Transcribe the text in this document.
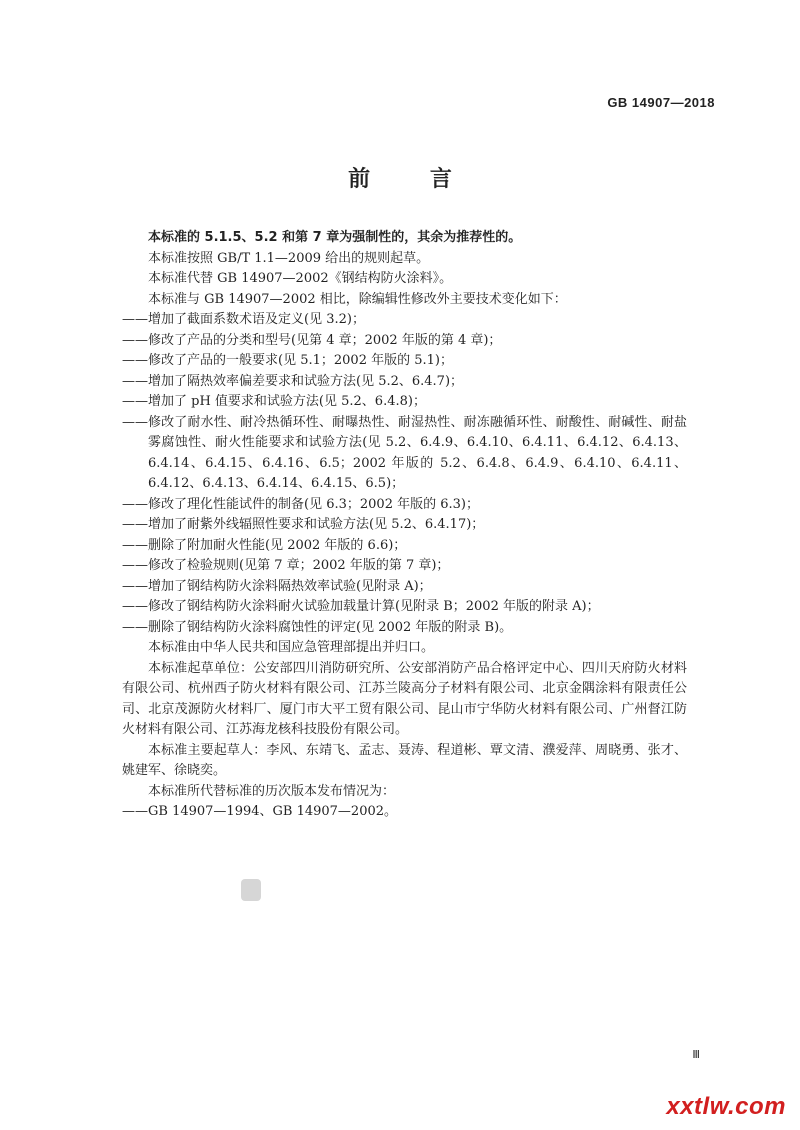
GB 14907—2018
前 言

本标准的 5.1.5、5.2 和第 7 章为强制性的，其余为推荐性的。

本标准按照 GB/T 1.1—2009 给出的规则起草。

本标准代替 GB 14907—2002《钢结构防火涂料》。

本标准与 GB 14907—2002 相比，除编辑性修改外主要技术变化如下：

—— 增加了截面系数术语及定义(见 3.2)；
—— 修改了产品的分类和型号(见第 4 章；2002 年版的第 4 章)；
—— 修改了产品的一般要求(见 5.1；2002 年版的 5.1)；
—— 增加了隔热效率偏差要求和试验方法(见 5.2、6.4.7)；
—— 增加了 pH 值要求和试验方法(见 5.2、6.4.8)；
—— 修改了耐水性、耐冷热循环性、耐曝热性、耐湿热性、耐冻融循环性、耐酸性、耐碱性、耐盐雾腐蚀性、耐火性能要求和试验方法(见 5.2、6.4.9、6.4.10、6.4.11、6.4.12、6.4.13、6.4.14、6.4.15、6.4.16、6.5；2002 年版的 5.2、6.4.8、6.4.9、6.4.10、6.4.11、6.4.12、6.4.13、6.4.14、6.4.15、6.5)；
—— 修改了理化性能试件的制备(见 6.3；2002 年版的 6.3)；
—— 增加了耐紫外线辐照性要求和试验方法(见 5.2、6.4.17)；
—— 删除了附加耐火性能(见 2002 年版的 6.6)；
—— 修改了检验规则(见第 7 章；2002 年版的第 7 章)；
—— 增加了钢结构防火涂料隔热效率试验(见附录 A)；
—— 修改了钢结构防火涂料耐火试验加载量计算(见附录 B；2002 年版的附录 A)；
—— 删除了钢结构防火涂料腐蚀性的评定(见 2002 年版的附录 B)。

本标准由中华人民共和国应急管理部提出并归口。

本标准起草单位：公安部四川消防研究所、公安部消防产品合格评定中心、四川天府防火材料有限公司、杭州西子防火材料有限公司、江苏兰陵高分子材料有限公司、北京金隅涂料有限责任公司、北京茂源防火材料厂、厦门市大平工贸有限公司、昆山市宁华防火材料有限公司、广州督江防火材料有限公司、江苏海龙核科技股份有限公司。

本标准主要起草人：李风、东靖飞、孟志、聂涛、程道彬、覃文清、濮爱萍、周晓勇、张才、姚建军、徐晓奕。

本标准所代替标准的历次版本发布情况为：

—— GB 14907—1994、GB 14907—2002。
Ⅲ
xxtlw.com
